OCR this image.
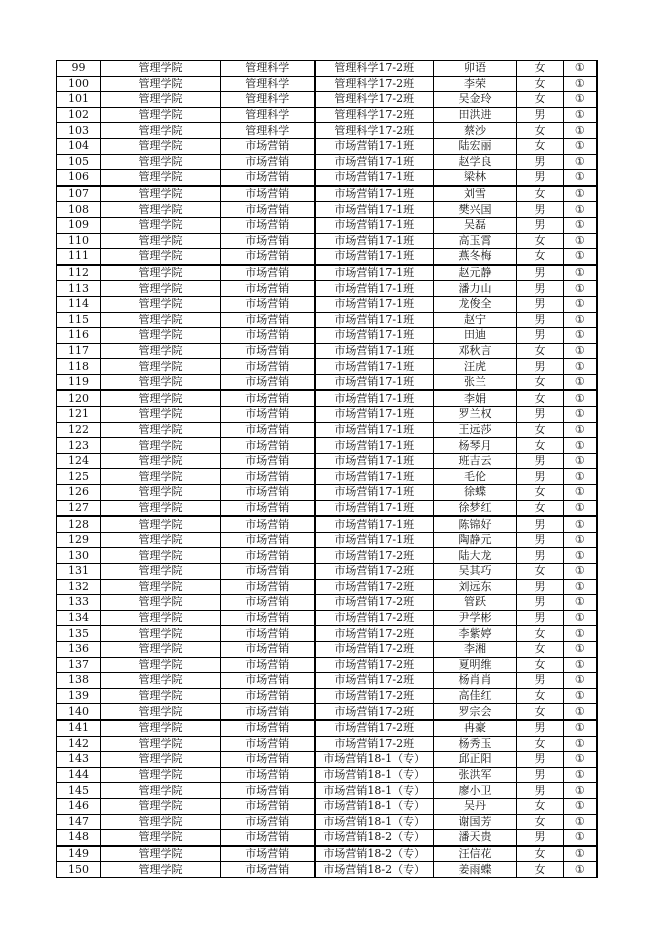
99	管理学院	管理科学	管理科学17-2班	卯语	女	①
100	管理学院	管理科学	管理科学17-2班	李荣	女	①
101	管理学院	管理科学	管理科学17-2班	吴金玲	女	①
102	管理学院	管理科学	管理科学17-2班	田洪进	男	①
103	管理学院	管理科学	管理科学17-2班	蔡沙	女	①
104	管理学院	市场营销	市场营销17-1班	陆宏丽	女	①
105	管理学院	市场营销	市场营销17-1班	赵学良	男	①
106	管理学院	市场营销	市场营销17-1班	梁林	男	①
107	管理学院	市场营销	市场营销17-1班	刘雪	女	①
108	管理学院	市场营销	市场营销17-1班	樊兴国	男	①
109	管理学院	市场营销	市场营销17-1班	吴磊	男	①
110	管理学院	市场营销	市场营销17-1班	高玉霄	女	①
111	管理学院	市场营销	市场营销17-1班	燕冬梅	女	①
112	管理学院	市场营销	市场营销17-1班	赵元静	男	①
113	管理学院	市场营销	市场营销17-1班	潘力山	男	①
114	管理学院	市场营销	市场营销17-1班	龙俊全	男	①
115	管理学院	市场营销	市场营销17-1班	赵宁	男	①
116	管理学院	市场营销	市场营销17-1班	田迪	男	①
117	管理学院	市场营销	市场营销17-1班	邓秋言	女	①
118	管理学院	市场营销	市场营销17-1班	汪虎	男	①
119	管理学院	市场营销	市场营销17-1班	张兰	女	①
120	管理学院	市场营销	市场营销17-1班	李娟	女	①
121	管理学院	市场营销	市场营销17-1班	罗兰权	男	①
122	管理学院	市场营销	市场营销17-1班	王远莎	女	①
123	管理学院	市场营销	市场营销17-1班	杨琴月	女	①
124	管理学院	市场营销	市场营销17-1班	班吉云	男	①
125	管理学院	市场营销	市场营销17-1班	毛伦	男	①
126	管理学院	市场营销	市场营销17-1班	徐蝶	女	①
127	管理学院	市场营销	市场营销17-1班	徐梦红	女	①
128	管理学院	市场营销	市场营销17-1班	陈锦好	男	①
129	管理学院	市场营销	市场营销17-1班	陶静元	男	①
130	管理学院	市场营销	市场营销17-2班	陆大龙	男	①
131	管理学院	市场营销	市场营销17-2班	吴其巧	女	①
132	管理学院	市场营销	市场营销17-2班	刘远东	男	①
133	管理学院	市场营销	市场营销17-2班	管跃	男	①
134	管理学院	市场营销	市场营销17-2班	尹学彬	男	①
135	管理学院	市场营销	市场营销17-2班	李紫婷	女	①
136	管理学院	市场营销	市场营销17-2班	李湘	女	①
137	管理学院	市场营销	市场营销17-2班	夏明维	女	①
138	管理学院	市场营销	市场营销17-2班	杨肖肖	男	①
139	管理学院	市场营销	市场营销17-2班	高佳红	女	①
140	管理学院	市场营销	市场营销17-2班	罗宗会	女	①
141	管理学院	市场营销	市场营销17-2班	冉豪	男	①
142	管理学院	市场营销	市场营销17-2班	杨秀玉	女	①
143	管理学院	市场营销	市场营销18-1（专）	邱正阳	男	①
144	管理学院	市场营销	市场营销18-1（专）	张洪军	男	①
145	管理学院	市场营销	市场营销18-1（专）	廖小卫	男	①
146	管理学院	市场营销	市场营销18-1（专）	吴丹	女	①
147	管理学院	市场营销	市场营销18-1（专）	谢国芳	女	①
148	管理学院	市场营销	市场营销18-2（专）	潘天贵	男	①
149	管理学院	市场营销	市场营销18-2（专）	汪信花	女	①
150	管理学院	市场营销	市场营销18-2（专）	姜雨蝶	女	①
